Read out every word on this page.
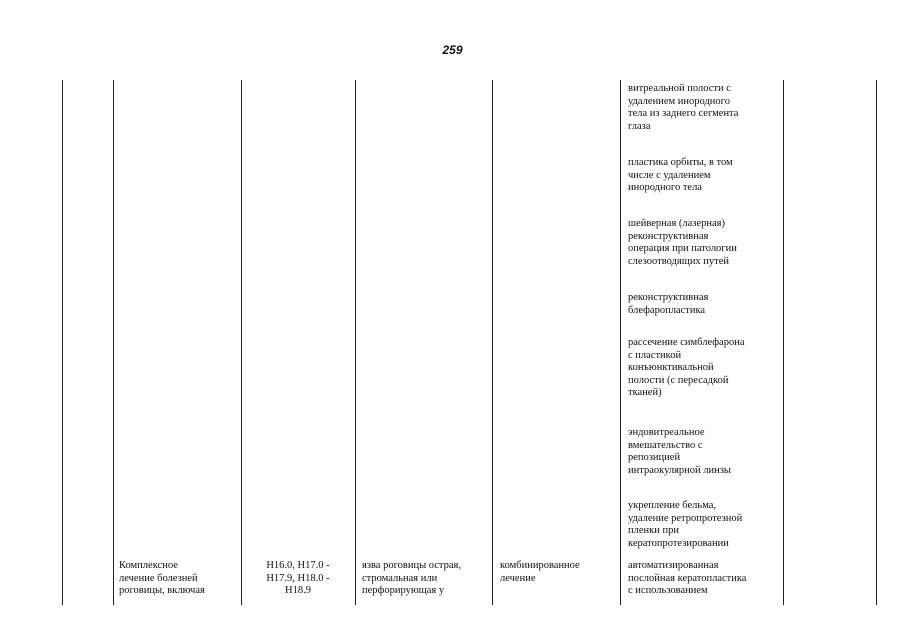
259
витреальной полости с
удалением инородного
тела из заднего сегмента
глаза
пластика орбиты, в том
числе с удалением
инородного тела
шейверная (лазерная)
реконструктивная
операция при патологии
слезоотводящих путей
реконструктивная
блефаропластика
рассечение симблефарона
с пластикой
конъюнктивальной
полости (с пересадкой
тканей)
эндовитреальное
вмешательство с
репозицией
интраокулярной линзы
укрепление бельма,
удаление ретропротезной
пленки при
кератопротезировании
Комплексное
лечение болезней
роговицы, включая
H16.0, H17.0 -
H17.9, H18.0 -
H18.9
язва роговицы острая,
стромальная или
перфорирующая у
комбинированное
лечение
автоматизированная
послойная кератопластика
с использованием
